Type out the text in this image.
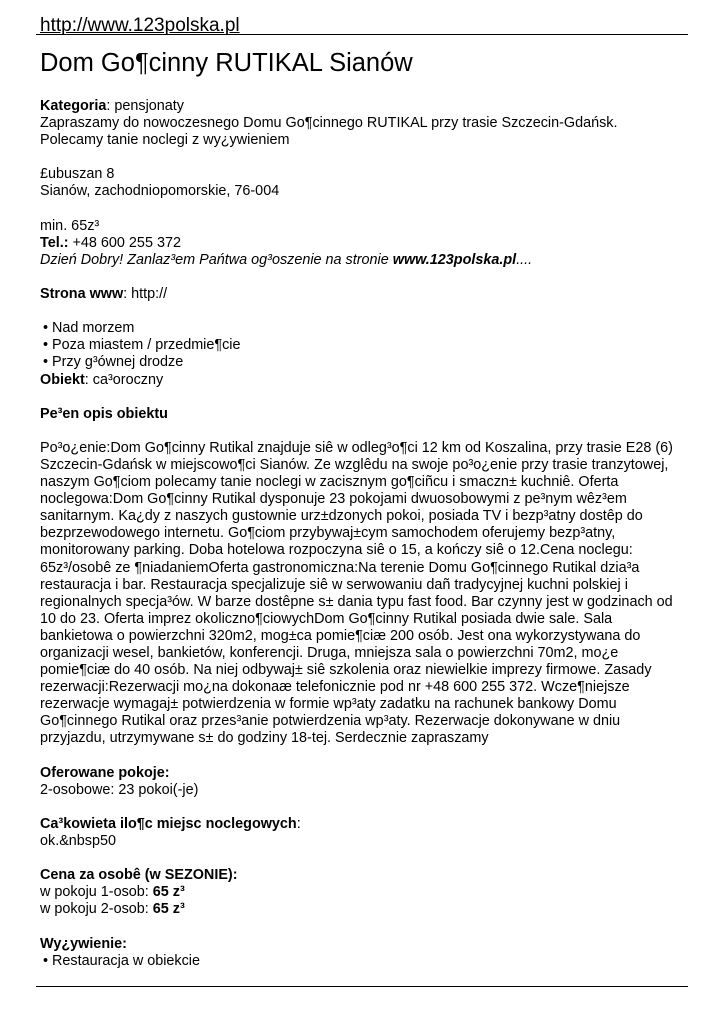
http://www.123polska.pl
Dom Go¶cinny RUTIKAL Sianów

Kategoria: pensjonaty

Zapraszamy do nowoczesnego Domu Go¶cinnego RUTIKAL przy trasie Szczecin-Gdańsk.

Polecamy tanie noclegi z wy¿ywieniem

£ubuszan 8

Sianów, zachodniopomorskie, 76-004

min. 65z³

Tel.: +48 600 255 372

Dzień Dobry! Zanlaz³em Pańtwa og³oszenie na stronie www.123polska.pl....

Strona www: http://

• Nad morzem

• Poza miastem / przedmie¶cie

• Przy g³ównej drodze

Obiekt: ca³oroczny

Pe³en opis obiektu

Po³o¿enie:Dom Go¶cinny Rutikal znajduje siê w odleg³o¶ci 12 km od Koszalina, przy trasie E28 (6)

Szczecin-Gdańsk w miejscowo¶ci Sianów. Ze wzglêdu na swoje po³o¿enie przy trasie tranzytowej,

naszym Go¶ciom polecamy tanie noclegi w zacisznym go¶ciñcu i smaczn± kuchniê. Oferta

noclegowa:Dom Go¶cinny Rutikal dysponuje 23 pokojami dwuosobowymi z pe³nym wêz³em

sanitarnym. Ka¿dy z naszych gustownie urz±dzonych pokoi, posiada TV i bezp³atny dostêp do

bezprzewodowego internetu. Go¶ciom przybywaj±cym samochodem oferujemy bezp³atny,

monitorowany parking. Doba hotelowa rozpoczyna siê o 15, a kończy siê o 12.Cena noclegu:

65z³/osobê ze ¶niadaniemOferta gastronomiczna:Na terenie Domu Go¶cinnego Rutikal dzia³a

restauracja i bar. Restauracja specjalizuje siê w serwowaniu dañ tradycyjnej kuchni polskiej i

regionalnych specja³ów. W barze dostêpne s± dania typu fast food. Bar czynny jest w godzinach od

10 do 23. Oferta imprez okoliczno¶ciowychDom Go¶cinny Rutikal posiada dwie sale. Sala

bankietowa o powierzchni 320m2, mog±ca pomie¶ciæ 200 osób. Jest ona wykorzystywana do

organizacji wesel, bankietów, konferencji. Druga, mniejsza sala o powierzchni 70m2, mo¿e

pomie¶ciæ do 40 osób. Na niej odbywaj± siê szkolenia oraz niewielkie imprezy firmowe. Zasady

rezerwacji:Rezerwacji mo¿na dokonaæ telefonicznie pod nr +48 600 255 372. Wcze¶niejsze

rezerwacje wymagaj± potwierdzenia w formie wp³aty zadatku na rachunek bankowy Domu

Go¶cinnego Rutikal oraz przes³anie potwierdzenia wp³aty. Rezerwacje dokonywane w dniu

przyjazdu, utrzymywane s± do godziny 18-tej. Serdecznie zapraszamy

Oferowane pokoje:

2-osobowe: 23 pokoi(-je)

Ca³kowieta ilo¶c miejsc noclegowych:

ok.&nbsp50

Cena za osobê (w SEZONIE):

w pokoju 1-osob: 65 z³

w pokoju 2-osob: 65 z³

Wy¿ywienie:

• Restauracja w obiekcie
